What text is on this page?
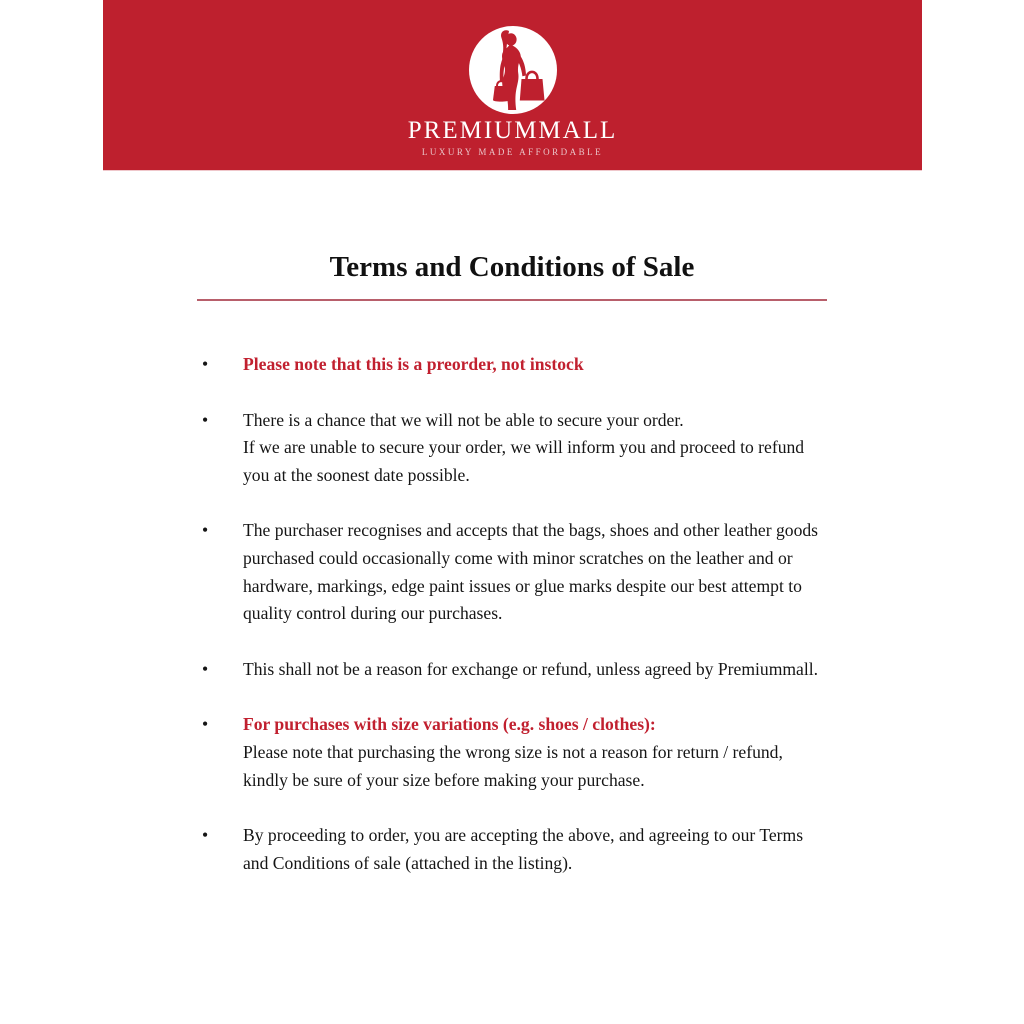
PREMIUMMALL
LUXURY MADE AFFORDABLE
Terms and Conditions of Sale
• Please note that this is a preorder, not instock
• There is a chance that we will not be able to secure your order.
If we are unable to secure your order, we will inform you and proceed to refund you at the soonest date possible.
• The purchaser recognises and accepts that the bags, shoes and other leather goods purchased could occasionally come with minor scratches on the leather and or hardware, markings, edge paint issues or glue marks despite our best attempt to quality control during our purchases.
• This shall not be a reason for exchange or refund, unless agreed by Premiummall.
• For purchases with size variations (e.g. shoes / clothes):
Please note that purchasing the wrong size is not a reason for return / refund, kindly be sure of your size before making your purchase.
• By proceeding to order, you are accepting the above, and agreeing to our Terms and Conditions of sale (attached in the listing).
